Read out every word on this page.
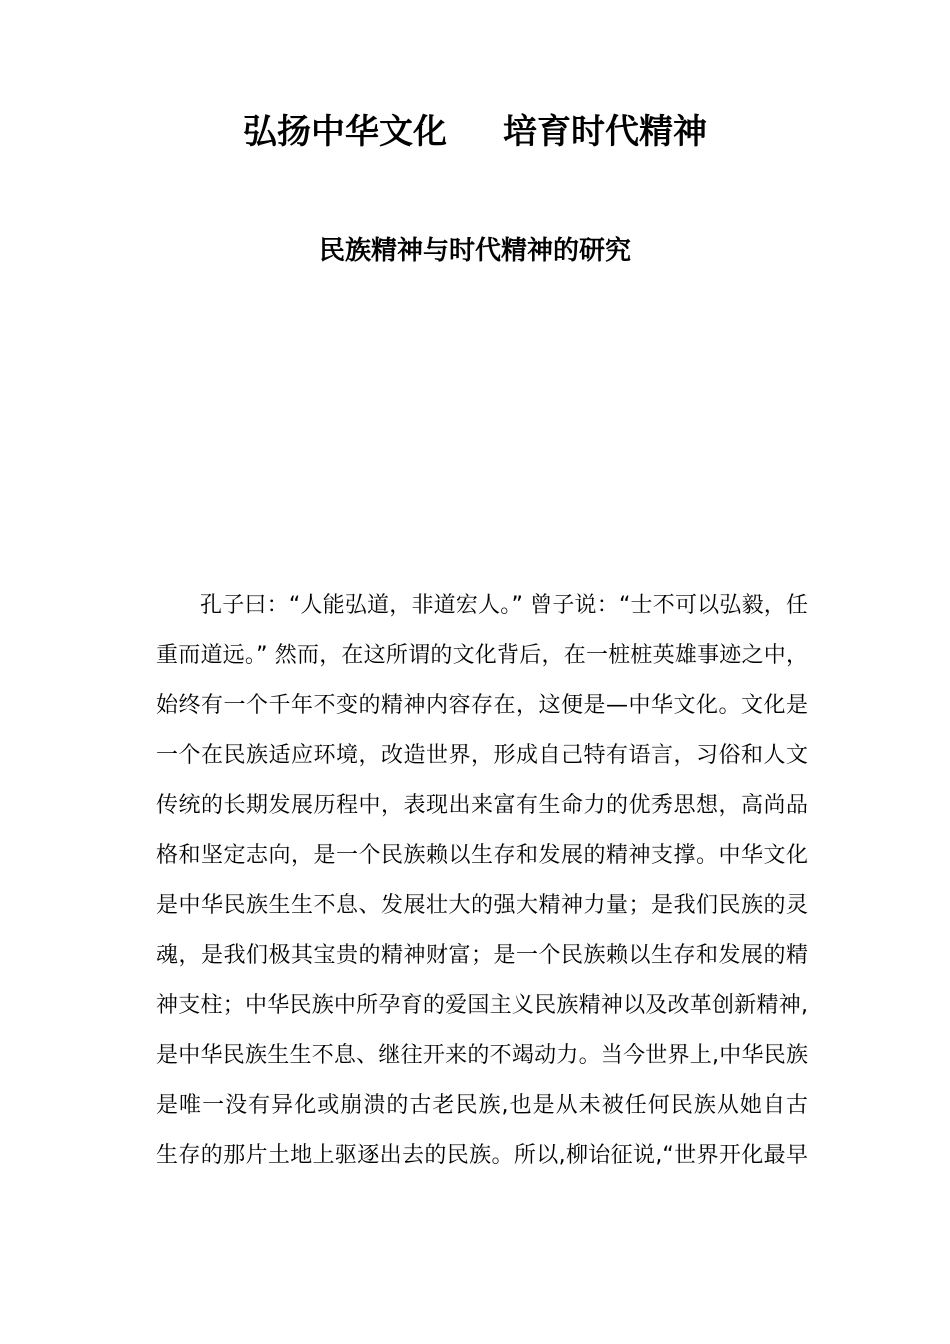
弘扬中华文化 培育时代精神
民族精神与时代精神的研究
孔子曰：“人能弘道，非道宏人。” 曾子说：“士不可以弘毅，任
重而道远。” 然而，在这所谓的文化背后，在一桩桩英雄事迹之中，
始终有一个千年不变的精神内容存在，这便是—中华文化。文化是
一个在民族适应环境，改造世界，形成自己特有语言，习俗和人文
传统的长期发展历程中，表现出来富有生命力的优秀思想，高尚品
格和坚定志向，是一个民族赖以生存和发展的精神支撑。中华文化
是中华民族生生不息、发展壮大的强大精神力量；是我们民族的灵
魂，是我们极其宝贵的精神财富；是一个民族赖以生存和发展的精
神支柱；中华民族中所孕育的爱国主义民族精神以及改革创新精神,
是中华民族生生不息、继往开来的不竭动力。当今世界上,中华民族
是唯一没有异化或崩溃的古老民族,也是从未被任何民族从她自古
生存的那片土地上驱逐出去的民族。所以,柳诒征说,“世界开化最早
